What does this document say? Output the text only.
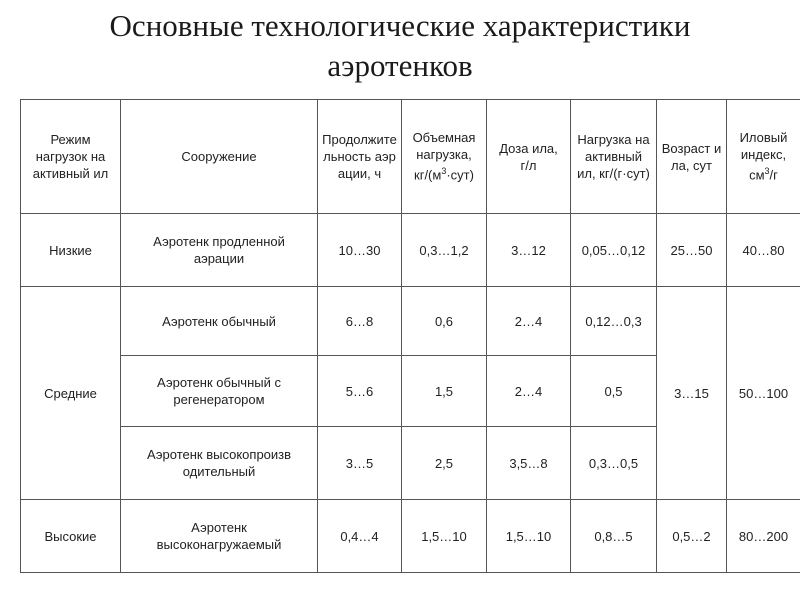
Основные технологические характеристики
аэротенков
Режим нагрузок на активный ил	Сооружение	Продолжительность аэрации, ч	Объемная нагрузка, $кг/(м^3\cdot сут)$	Доза ила, г/л	Нагрузка на активный ил, кг/(г·сут)	Возраст ила, сут	Иловый индекс, $см^3/г$
Низкие	Аэротенк продленной аэрации	10…30	0,3…1,2	3…12	0,05…0,12	25…50	40…80
Средние	Аэротенк обычный	6…8	0,6	2…4	0,12…0,3	3…15	50…100

	Аэротенк обычный с регенератором	5…6	1,5	2…4	0,5		

	Аэротенк высокопроизводительный	3…5	2,5	3,5…8	0,3…0,5		
Высокие	Аэротенк высоконагружаемый	0,4…4	1,5…10	1,5…10	0,8…5	0,5…2	80…200
